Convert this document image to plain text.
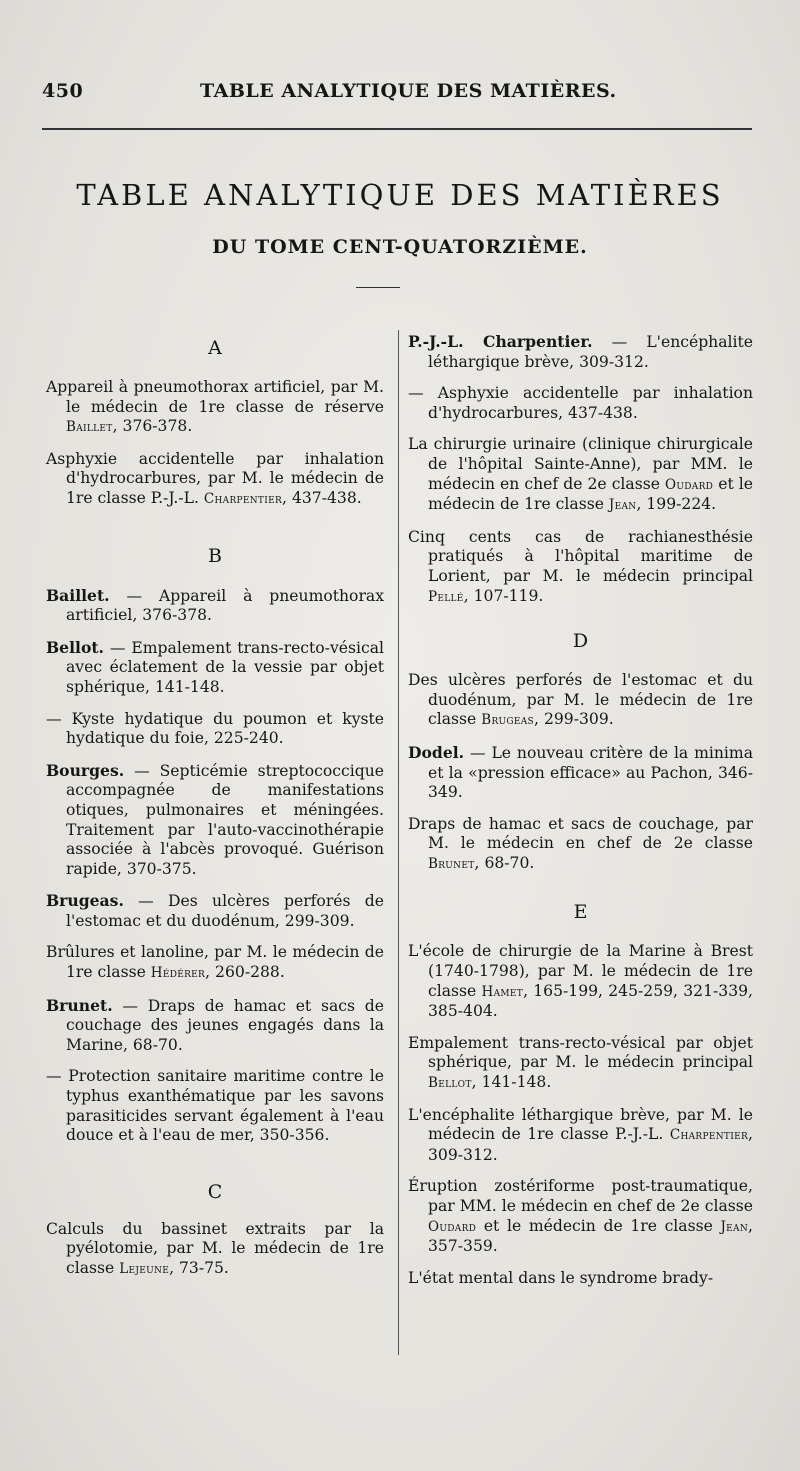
450	TABLE ANALYTIQUE DES MATIÈRES.
TABLE ANALYTIQUE DES MATIÈRES
DU TOME CENT-QUATORZIÈME.

A

Appareil à pneumothorax artificiel, par M. le médecin de 1re classe de réserve Baillet, 376-378.

Asphyxie accidentelle par inhalation d'hydrocarbures, par M. le médecin de 1re classe P.-J.-L. Charpentier, 437-438.

B

Baillet. — Appareil à pneumothorax artificiel, 376-378.

Bellot. — Empalement trans-recto-vésical avec éclatement de la vessie par objet sphérique, 141-148.

— Kyste hydatique du poumon et kyste hydatique du foie, 225-240.

Bourges. — Septicémie streptococcique accompagnée de manifestations otiques, pulmonaires et méningées. Traitement par l'auto-vaccinothérapie associée à l'abcès provoqué. Guérison rapide, 370-375.

Brugeas. — Des ulcères perforés de l'estomac et du duodénum, 299-309.

Brûlures et lanoline, par M. le médecin de 1re classe Hédérer, 260-288.

Brunet. — Draps de hamac et sacs de couchage des jeunes engagés dans la Marine, 68-70.

— Protection sanitaire maritime contre le typhus exanthématique par les savons parasiticides servant également à l'eau douce et à l'eau de mer, 350-356.

C

Calculs du bassinet extraits par la pyélotomie, par M. le médecin de 1re classe Lejeune, 73-75.

P.-J.-L. Charpentier. — L'encéphalite léthargique brève, 309-312.

— Asphyxie accidentelle par inhalation d'hydrocarbures, 437-438.

La chirurgie urinaire (clinique chirurgicale de l'hôpital Sainte-Anne), par MM. le médecin en chef de 2e classe Oudard et le médecin de 1re classe Jean, 199-224.

Cinq cents cas de rachianesthésie pratiqués à l'hôpital maritime de Lorient, par M. le médecin principal Pellé, 107-119.

D

Des ulcères perforés de l'estomac et du duodénum, par M. le médecin de 1re classe Brugeas, 299-309.

Dodel. — Le nouveau critère de la minima et la «pression efficace» au Pachon, 346-349.

Draps de hamac et sacs de couchage, par M. le médecin en chef de 2e classe Brunet, 68-70.

E

L'école de chirurgie de la Marine à Brest (1740-1798), par M. le médecin de 1re classe Hamet, 165-199, 245-259, 321-339, 385-404.

Empalement trans-recto-vésical par objet sphérique, par M. le médecin principal Bellot, 141-148.

L'encéphalite léthargique brève, par M. le médecin de 1re classe P.-J.-L. Charpentier, 309-312.

Éruption zostériforme post-traumatique, par MM. le médecin en chef de 2e classe Oudard et le médecin de 1re classe Jean, 357-359.

L'état mental dans le syndrome brady-
